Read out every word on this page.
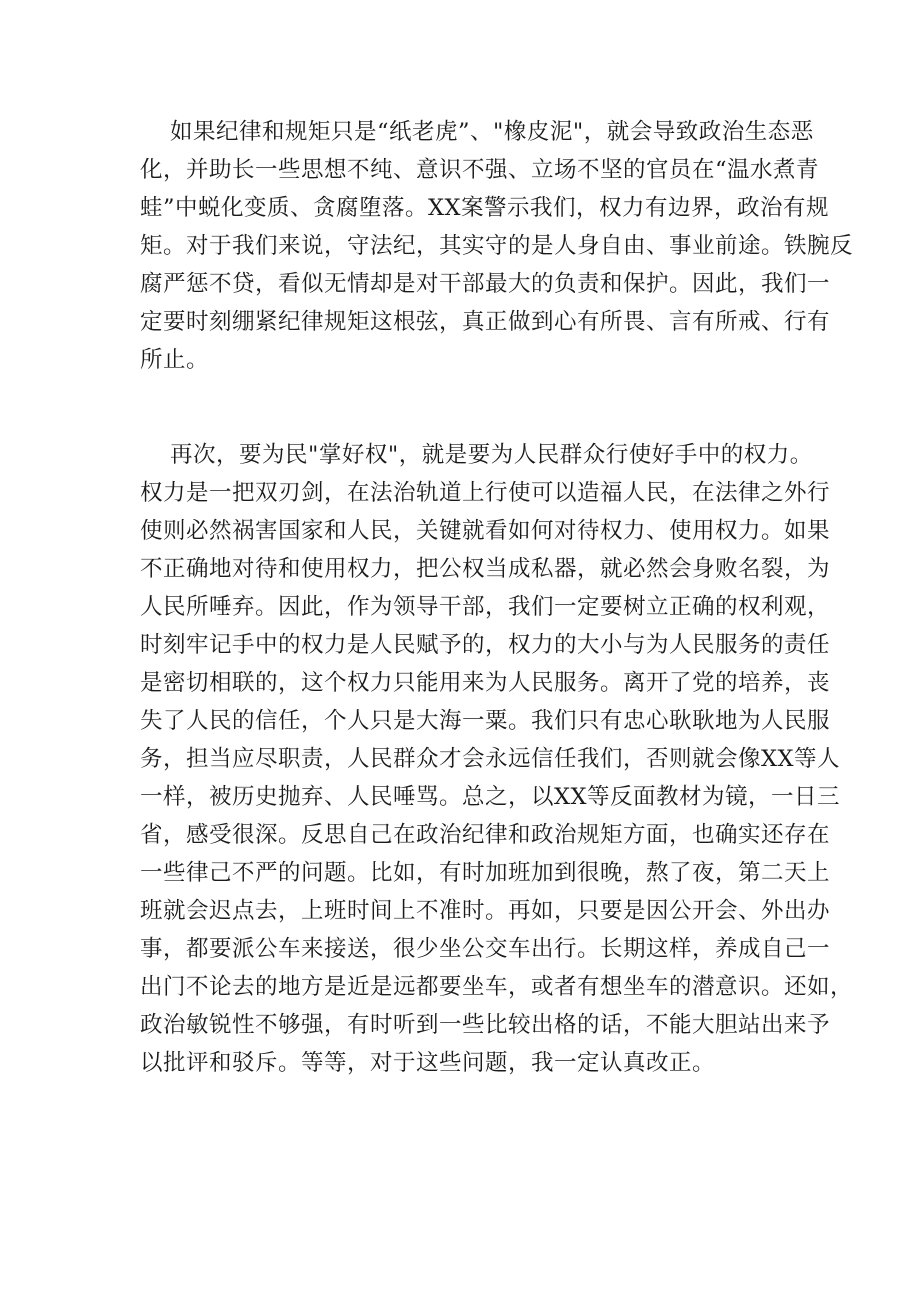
如果纪律和规矩只是“纸老虎”、"橡皮泥"，就会导致政治生态恶
化，并助长一些思想不纯、意识不强、立场不坚的官员在“温水煮青
蛙”中蜕化变质、贪腐堕落。XX案警示我们，权力有边界，政治有规
矩。对于我们来说，守法纪，其实守的是人身自由、事业前途。铁腕反
腐严惩不贷，看似无情却是对干部最大的负责和保护。因此，我们一
定要时刻绷紧纪律规矩这根弦，真正做到心有所畏、言有所戒、行有
所止。
再次，要为民"掌好权"，就是要为人民群众行使好手中的权力。
权力是一把双刃剑，在法治轨道上行使可以造福人民，在法律之外行
使则必然祸害国家和人民，关键就看如何对待权力、使用权力。如果
不正确地对待和使用权力，把公权当成私器，就必然会身败名裂，为
人民所唾弃。因此，作为领导干部，我们一定要树立正确的权利观，
时刻牢记手中的权力是人民赋予的，权力的大小与为人民服务的责任
是密切相联的，这个权力只能用来为人民服务。离开了党的培养，丧
失了人民的信任，个人只是大海一粟。我们只有忠心耿耿地为人民服
务，担当应尽职责，人民群众才会永远信任我们，否则就会像XX等人
一样，被历史抛弃、人民唾骂。总之，以XX等反面教材为镜，一日三
省，感受很深。反思自己在政治纪律和政治规矩方面，也确实还存在
一些律己不严的问题。比如，有时加班加到很晚，熬了夜，第二天上
班就会迟点去，上班时间上不准时。再如，只要是因公开会、外出办
事，都要派公车来接送，很少坐公交车出行。长期这样，养成自己一
出门不论去的地方是近是远都要坐车，或者有想坐车的潜意识。还如，
政治敏锐性不够强，有时听到一些比较出格的话，不能大胆站出来予
以批评和驳斥。等等，对于这些问题，我一定认真改正。
